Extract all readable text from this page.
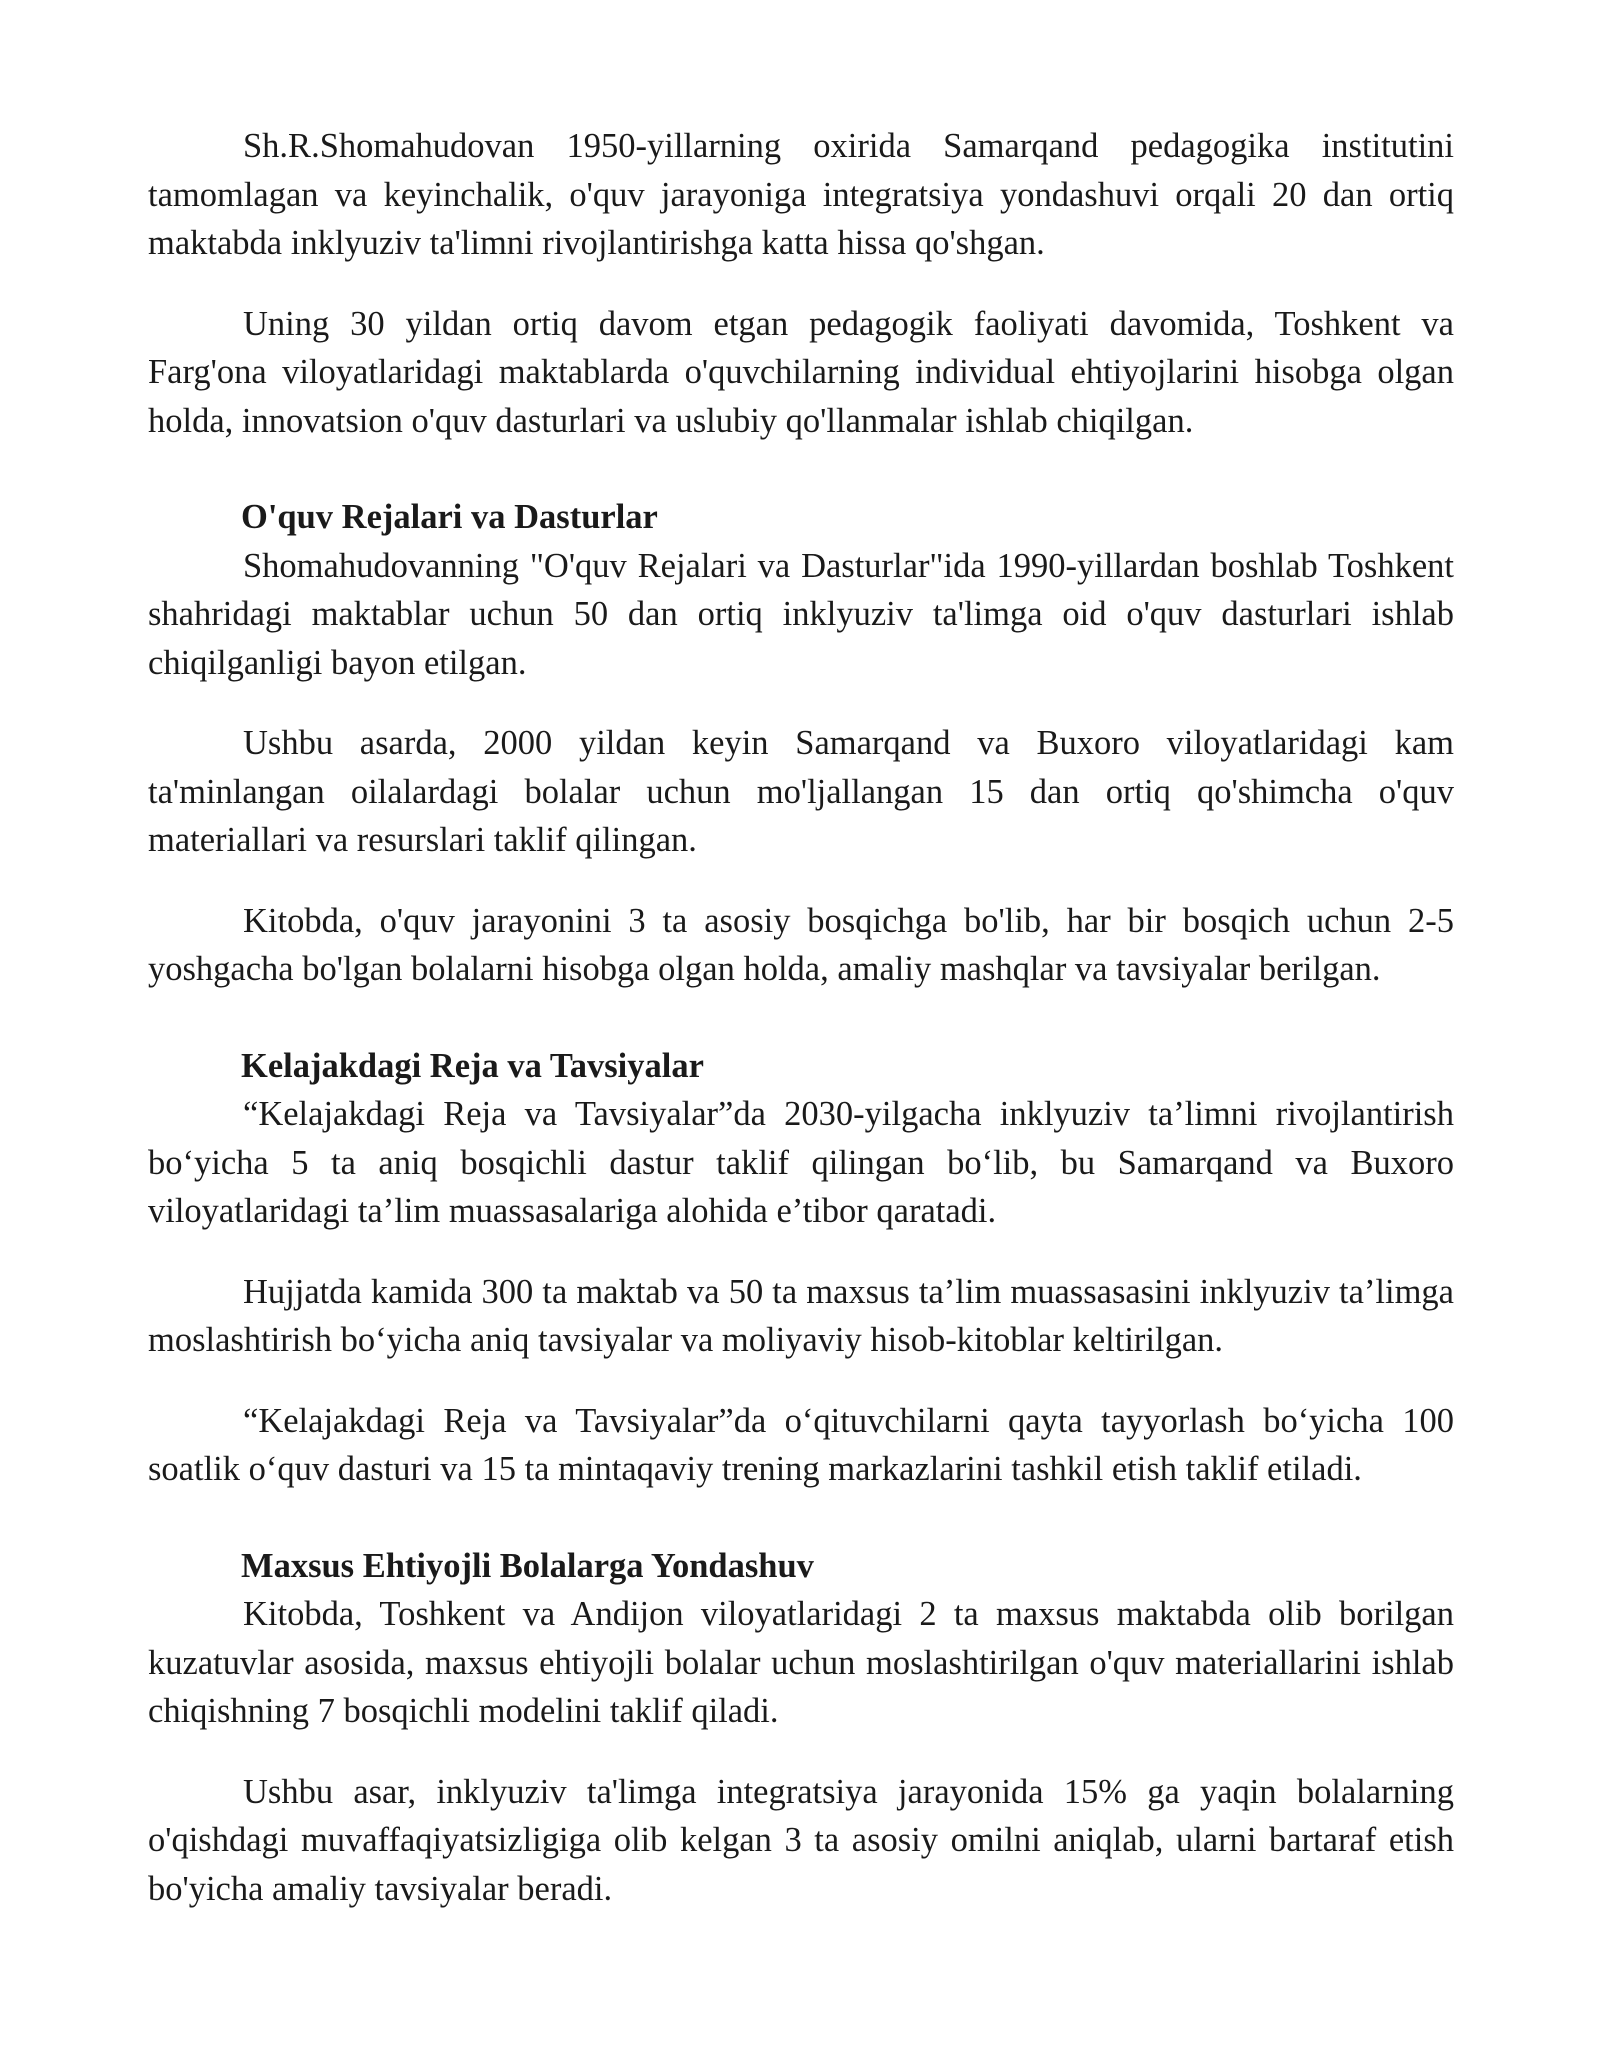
Sh.R.Shomahudovan 1950-yillarning oxirida Samarqand pedagogika institutini tamomlagan va keyinchalik, o'quv jarayoniga integratsiya yondashuvi orqali 20 dan ortiq maktabda inklyuziv ta'limni rivojlantirishga katta hissa qo'shgan.

Uning 30 yildan ortiq davom etgan pedagogik faoliyati davomida, Toshkent va Farg'ona viloyatlaridagi maktablarda o'quvchilarning individual ehtiyojlarini hisobga olgan holda, innovatsion o'quv dasturlari va uslubiy qo'llanmalar ishlab chiqilgan.

O'quv Rejalari va Dasturlar

Shomahudovanning "O'quv Rejalari va Dasturlar"ida 1990-yillardan boshlab Toshkent shahridagi maktablar uchun 50 dan ortiq inklyuziv ta'limga oid o'quv dasturlari ishlab chiqilganligi bayon etilgan.

Ushbu asarda, 2000 yildan keyin Samarqand va Buxoro viloyatlaridagi kam ta'minlangan oilalardagi bolalar uchun mo'ljallangan 15 dan ortiq qo'shimcha o'quv materiallari va resurslari taklif qilingan.

Kitobda, o'quv jarayonini 3 ta asosiy bosqichga bo'lib, har bir bosqich uchun 2-5 yoshgacha bo'lgan bolalarni hisobga olgan holda, amaliy mashqlar va tavsiyalar berilgan.

Kelajakdagi Reja va Tavsiyalar

“Kelajakdagi Reja va Tavsiyalar”da 2030-yilgacha inklyuziv ta’limni rivojlantirish bo‘yicha 5 ta aniq bosqichli dastur taklif qilingan bo‘lib, bu Samarqand va Buxoro viloyatlaridagi ta’lim muassasalariga alohida e’tibor qaratadi.

Hujjatda kamida 300 ta maktab va 50 ta maxsus ta’lim muassasasini inklyuziv ta’limga moslashtirish bo‘yicha aniq tavsiyalar va moliyaviy hisob-kitoblar keltirilgan.

“Kelajakdagi Reja va Tavsiyalar”da o‘qituvchilarni qayta tayyorlash bo‘yicha 100 soatlik o‘quv dasturi va 15 ta mintaqaviy trening markazlarini tashkil etish taklif etiladi.

Maxsus Ehtiyojli Bolalarga Yondashuv

Kitobda, Toshkent va Andijon viloyatlaridagi 2 ta maxsus maktabda olib borilgan kuzatuvlar asosida, maxsus ehtiyojli bolalar uchun moslashtirilgan o'quv materiallarini ishlab chiqishning 7 bosqichli modelini taklif qiladi.

Ushbu asar, inklyuziv ta'limga integratsiya jarayonida 15% ga yaqin bolalarning o'qishdagi muvaffaqiyatsizligiga olib kelgan 3 ta asosiy omilni aniqlab, ularni bartaraf etish bo'yicha amaliy tavsiyalar beradi.
